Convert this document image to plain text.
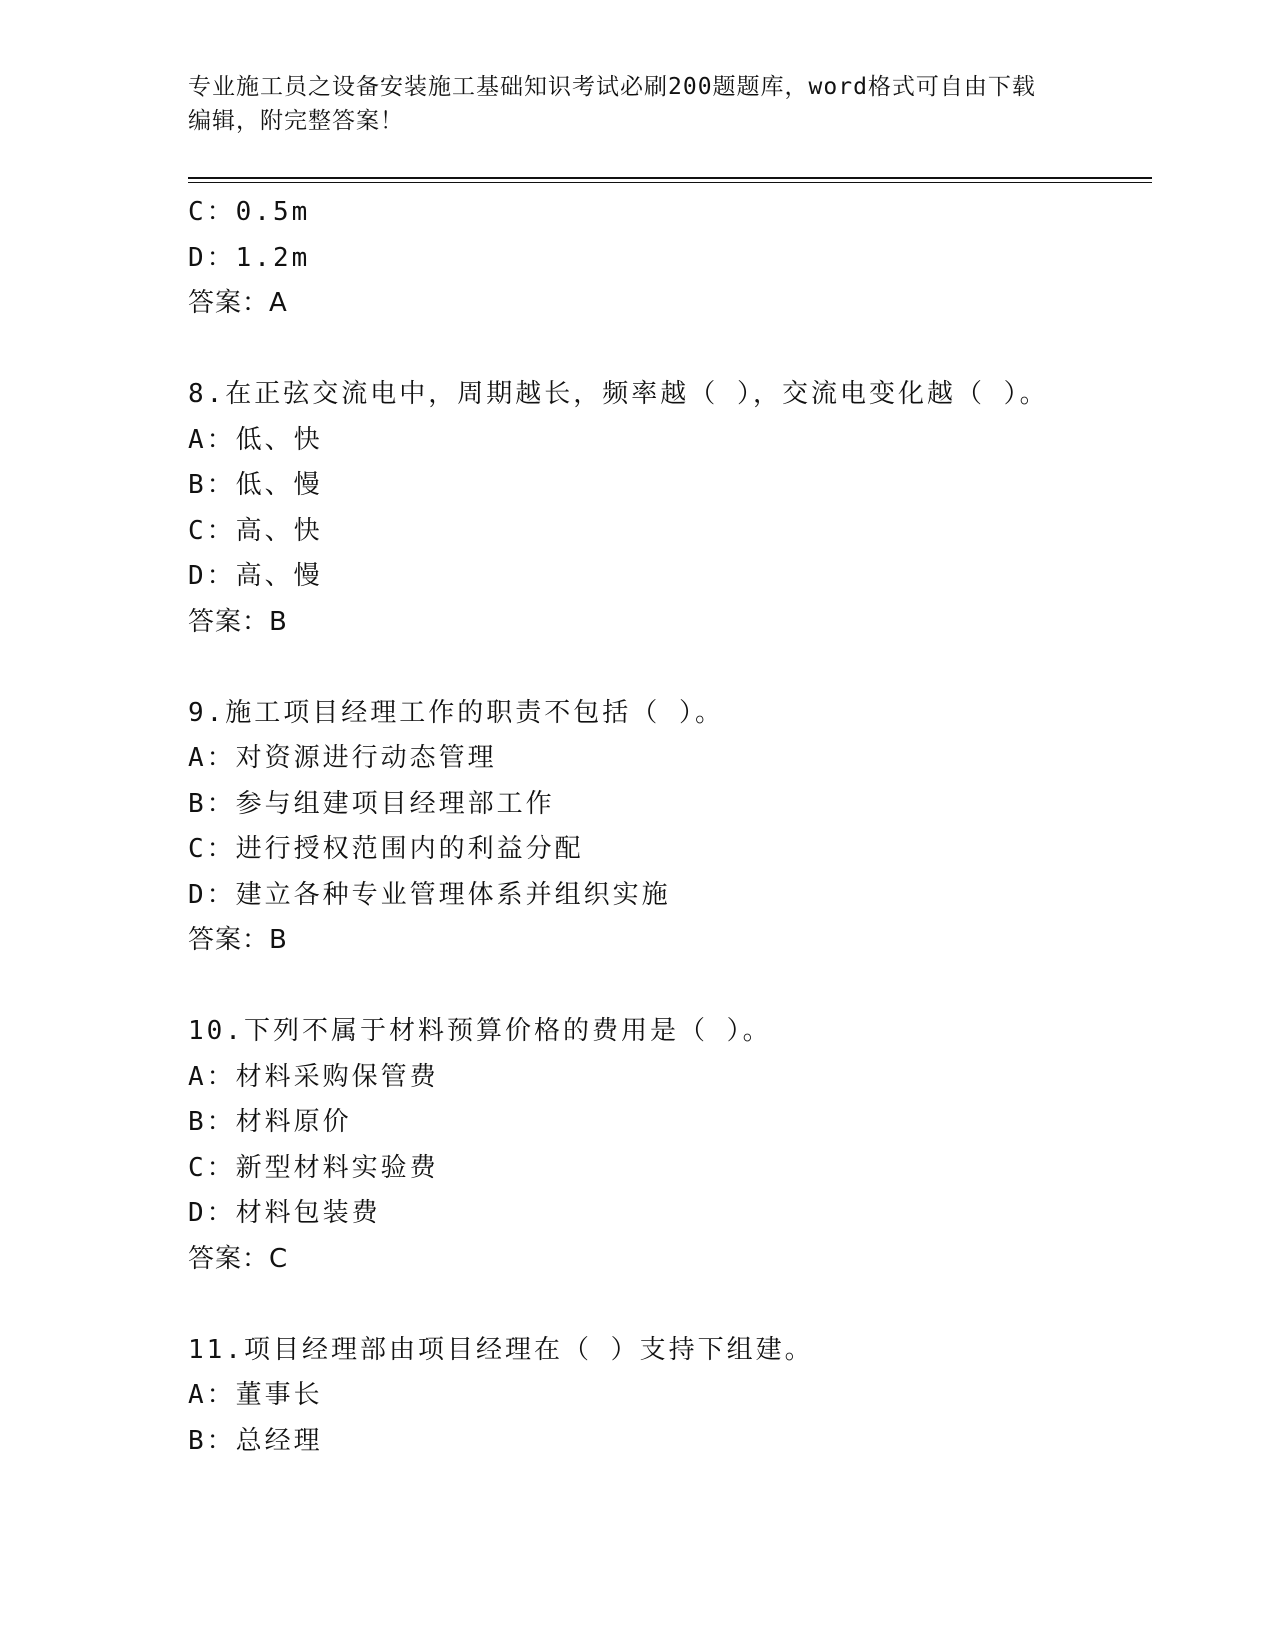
专业施工员之设备安装施工基础知识考试必刷200题题库，word格式可自由下载
编辑，附完整答案！
C：0.5m
D：1.2m
答案：A
8.在正弦交流电中，周期越长，频率越（ ），交流电变化越（ ）。
A：低、快
B：低、慢
C：高、快
D：高、慢
答案：B
9.施工项目经理工作的职责不包括（ ）。
A：对资源进行动态管理
B：参与组建项目经理部工作
C：进行授权范围内的利益分配
D：建立各种专业管理体系并组织实施
答案：B
10.下列不属于材料预算价格的费用是（ ）。
A：材料采购保管费
B：材料原价
C：新型材料实验费
D：材料包装费
答案：C
11.项目经理部由项目经理在（ ）支持下组建。
A：董事长
B：总经理
